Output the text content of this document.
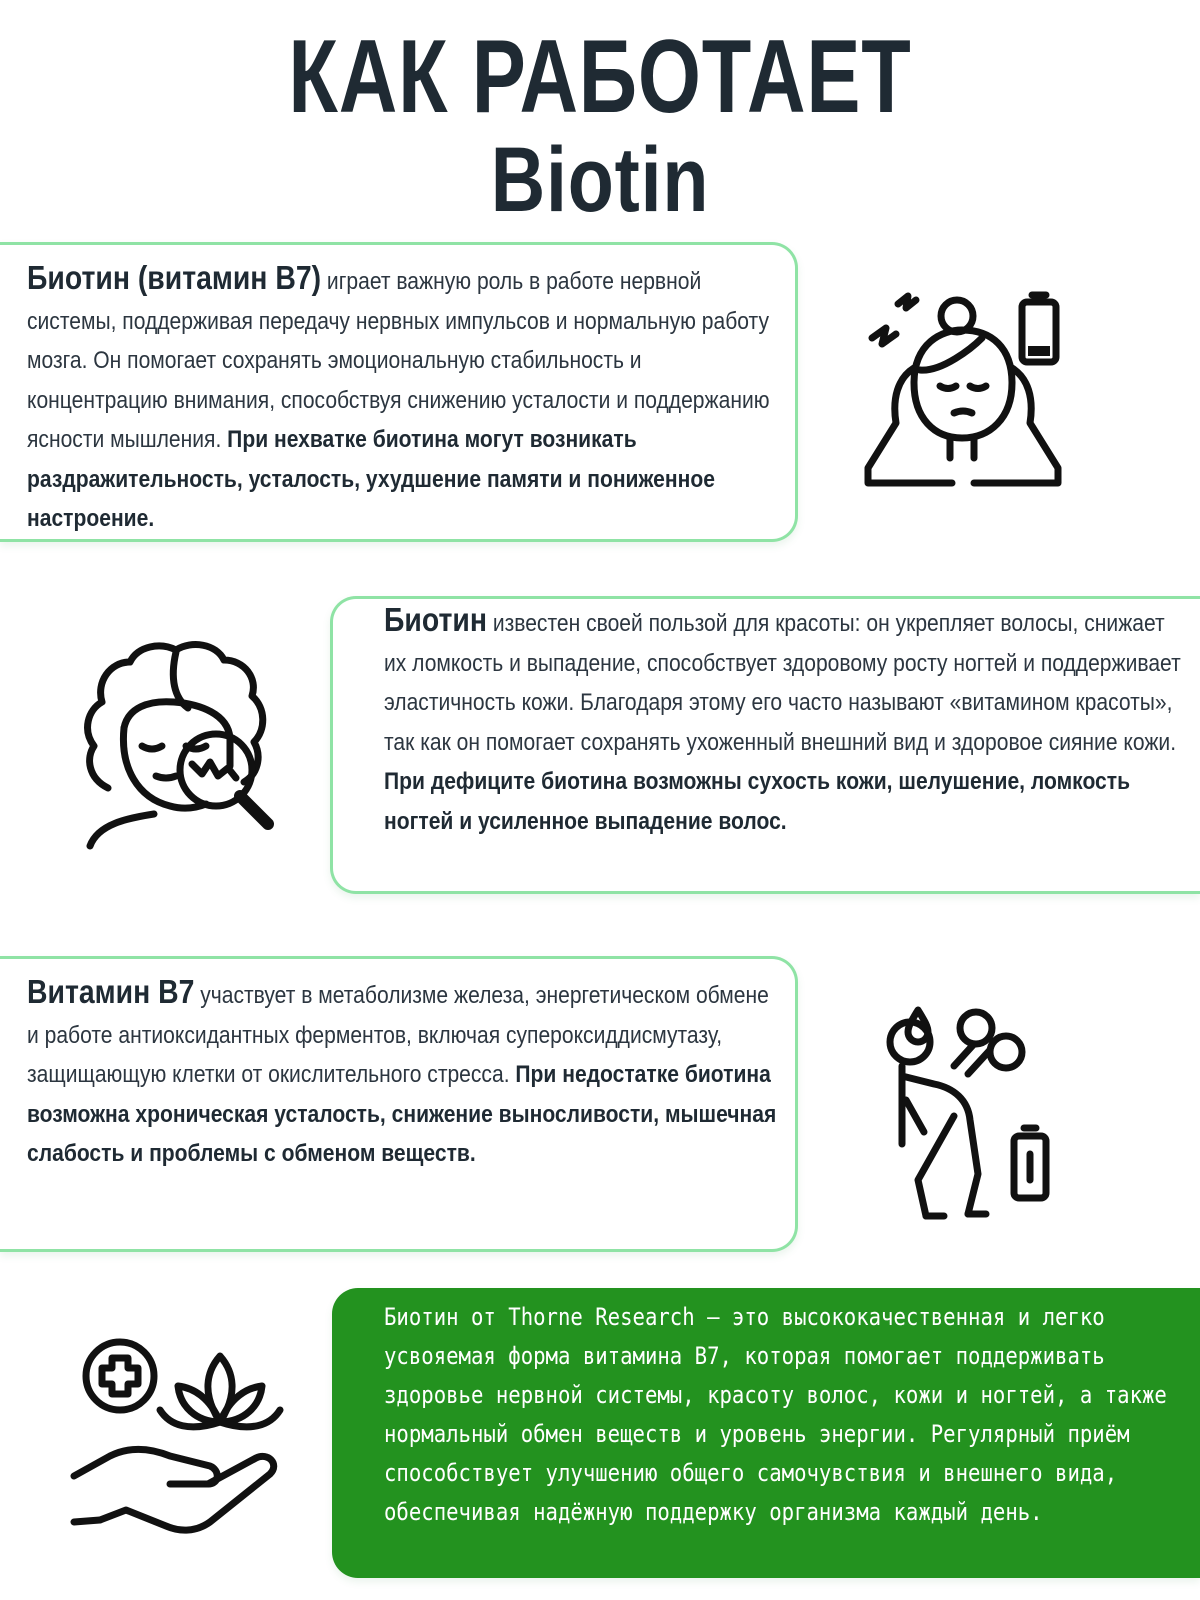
КАК РАБОТАЕТ
Biotin
Биотин (витамин В7) играет важную роль в работе нервной системы, поддерживая передачу нервных импульсов и нормальную работу мозга. Он помогает сохранять эмоциональную стабильность и концентрацию внимания, способствуя снижению усталости и поддержанию ясности мышления. При нехватке биотина могут возникать раздражительность, усталость, ухудшение памяти и пониженное настроение.
Биотин известен своей пользой для красоты: он укрепляет волосы, снижает их ломкость и выпадение, способствует здоровому росту ногтей и поддерживает эластичность кожи. Благодаря этому его часто называют «витамином красоты», так как он помогает сохранять ухоженный внешний вид и здоровое сияние кожи. При дефиците биотина возможны сухость кожи, шелушение, ломкость ногтей и усиленное выпадение волос.
Витамин В7 участвует в метаболизме железа, энергетическом обмене и работе антиоксидантных ферментов, включая супероксиддисмутазу, защищающую клетки от окислительного стресса. При недостатке биотина возможна хроническая усталость, снижение выносливости, мышечная слабость и проблемы с обменом веществ.
Биотин от Thorne Research — это высококачественная и легко усвояемая форма витамина В7, которая помогает поддерживать здоровье нервной системы, красоту волос, кожи и ногтей, а также нормальный обмен веществ и уровень энергии. Регулярный приём способствует улучшению общего самочувствия и внешнего вида, обеспечивая надёжную поддержку организма каждый день.
